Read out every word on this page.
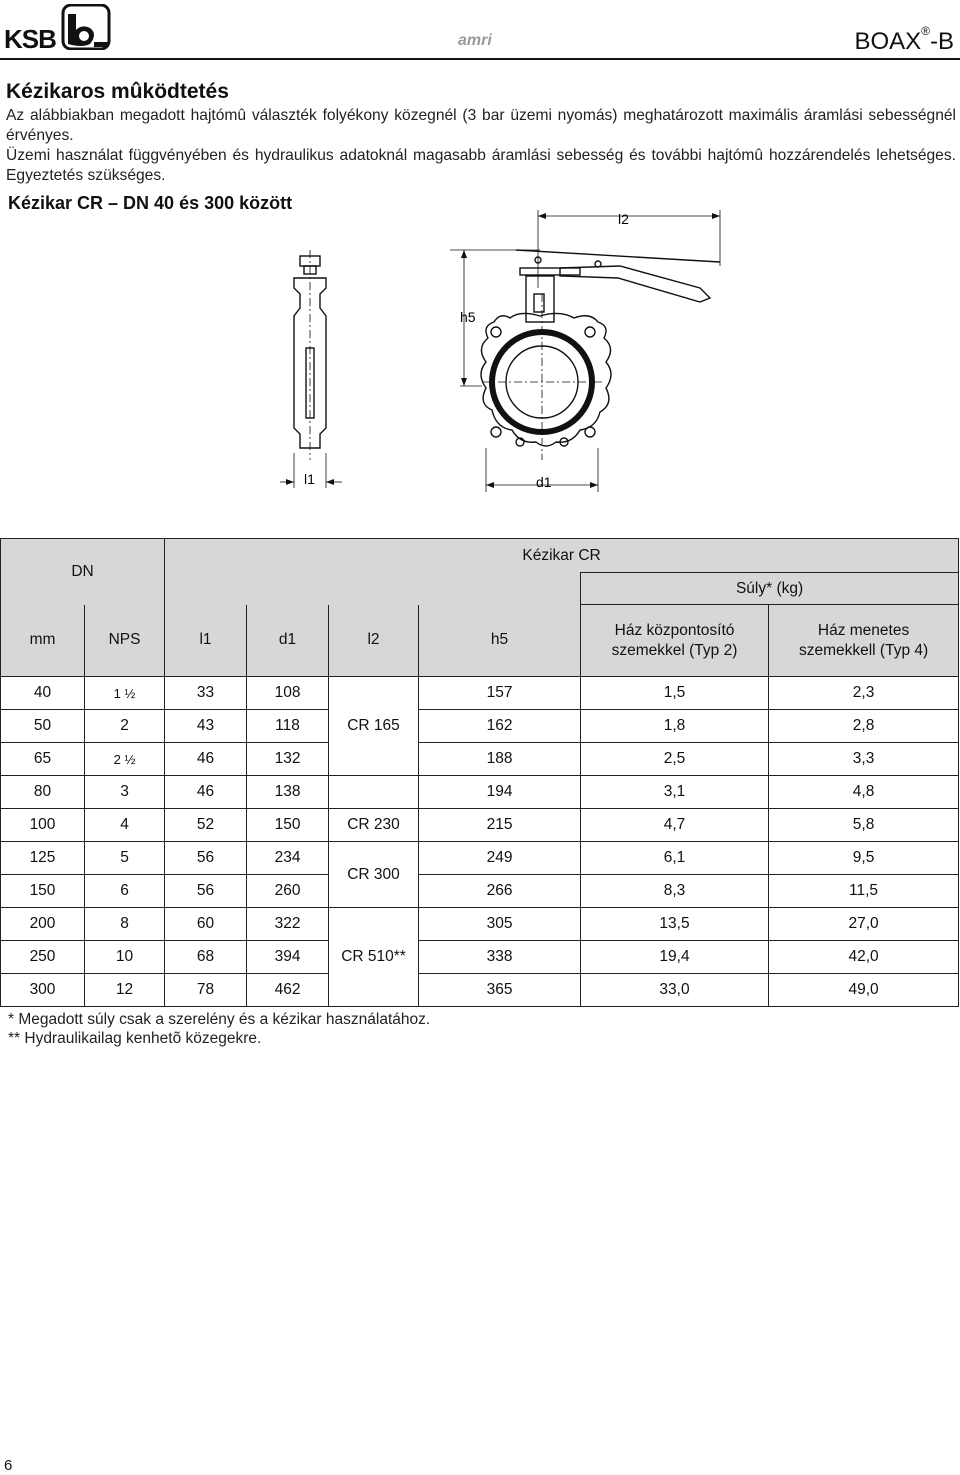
KSB	amri	BOAX®-B
Kézikaros mûködtetés
Az alábbiakban megadott hajtómû választék folyékony közegnél (3 bar üzemi nyomás) meghatározott maximális áramlási sebességnél érvényes.
Üzemi használat függvényében és hydraulikus adatoknál magasabb áramlási sebesség és további hajtómû hozzárendelés lehetséges. Egyeztetés szükséges.
Kézikar CR – DN 40 és 300 között
l2
h5
l1	d1
DN		Kézikar CR					
						Súly* (kg)	
mm	NPS	l1	d1	l2	h5	Ház központosító szemekkel (Typ 2)	Ház menetes szemekkell (Typ 4)
40	1 ½	33	108	CR 165	157	1,5	2,3
50	2	43	118		162	1,8	2,8
65	2 ½	46	132		188	2,5	3,3
80	3	46	138		194	3,1	4,8
100	4	52	150	CR 230	215	4,7	5,8
125	5	56	234	CR 300	249	6,1	9,5
150	6	56	260		266	8,3	11,5
200	8	60	322	CR 510**	305	13,5	27,0
250	10	68	394		338	19,4	42,0
300	12	78	462		365	33,0	49,0
* Megadott súly csak a szerelény és a kézikar használatához.
** Hydraulikailag kenhetõ közegekre.
6
